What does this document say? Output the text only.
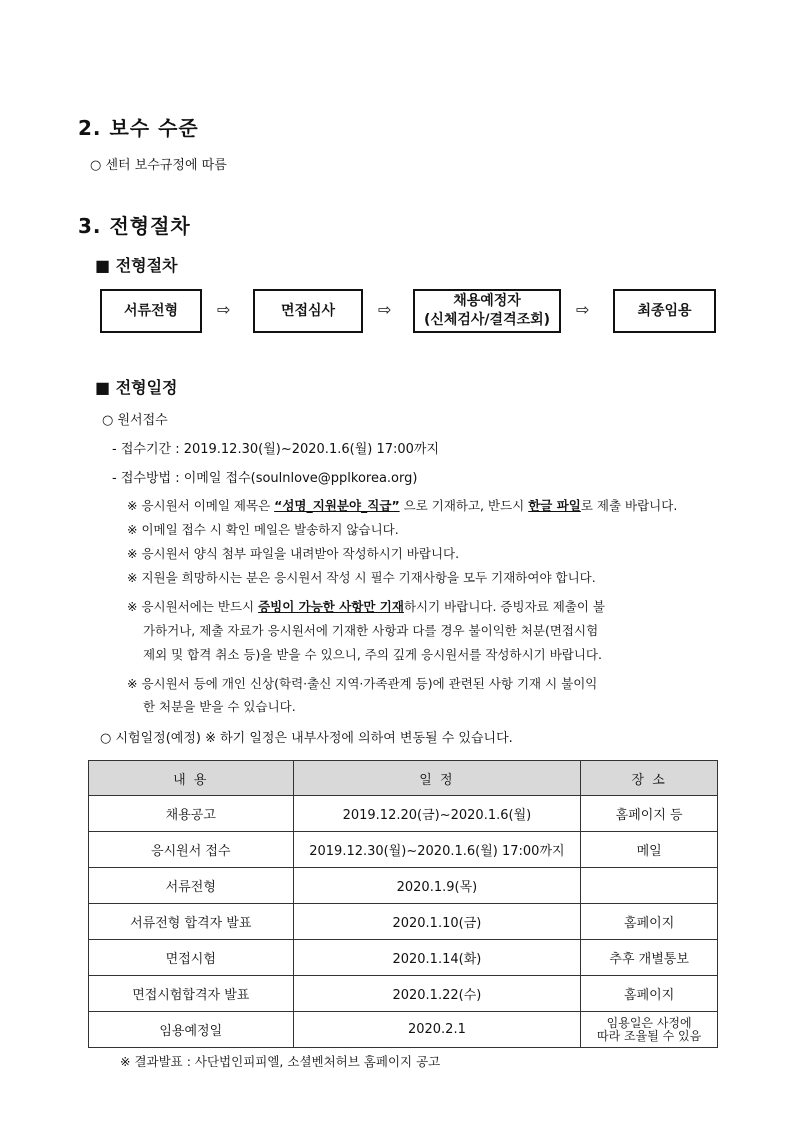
2. 보수 수준
○ 센터 보수규정에 따름
3. 전형절차
■ 전형절차
서류전형	⇨	면접심사	⇨	채용예정자
(신체검사/결격조회)
⇨	최종임용
■ 전형일정
○ 원서접수
- 접수기간 : 2019.12.30(월)~2020.1.6(월) 17:00까지
- 접수방법 : 이메일 접수(soulnlove@pplkorea.org)
※ 응시원서 이메일 제목은 “성명_지원분야_직급” 으로 기재하고, 반드시 한글 파일로 제출 바랍니다.
※ 이메일 접수 시 확인 메일은 발송하지 않습니다.
※ 응시원서 양식 첨부 파일을 내려받아 작성하시기 바랍니다.
※ 지원을 희망하시는 분은 응시원서 작성 시 필수 기재사항을 모두 기재하여야 합니다.
※ 응시원서에는 반드시 증빙이 가능한 사항만 기재하시기 바랍니다. 증빙자료 제출이 불
가하거나, 제출 자료가 응시원서에 기재한 사항과 다를 경우 불이익한 처분(면접시험
제외 및 합격 취소 등)을 받을 수 있으니, 주의 깊게 응시원서를 작성하시기 바랍니다.
※ 응시원서 등에 개인 신상(학력·출신 지역·가족관계 등)에 관련된 사항 기재 시 불이익
한 처분을 받을 수 있습니다.
○ 시험일정(예정) ※ 하기 일정은 내부사정에 의하여 변동될 수 있습니다.
내 용	일 정	장 소
채용공고	2019.12.20(금)~2020.1.6(월)	홈페이지 등
응시원서 접수	2019.12.30(월)~2020.1.6(월) 17:00까지	메일
서류전형	2020.1.9(목)	
서류전형 합격자 발표	2020.1.10(금)	홈페이지
면접시험	2020.1.14(화)	추후 개별통보
면접시험합격자 발표	2020.1.22(수)	홈페이지
임용예정일	2020.2.1	임용일은 사정에
따라 조율될 수 있음
※ 결과발표 : 사단법인피피엘, 소셜벤처허브 홈페이지 공고
